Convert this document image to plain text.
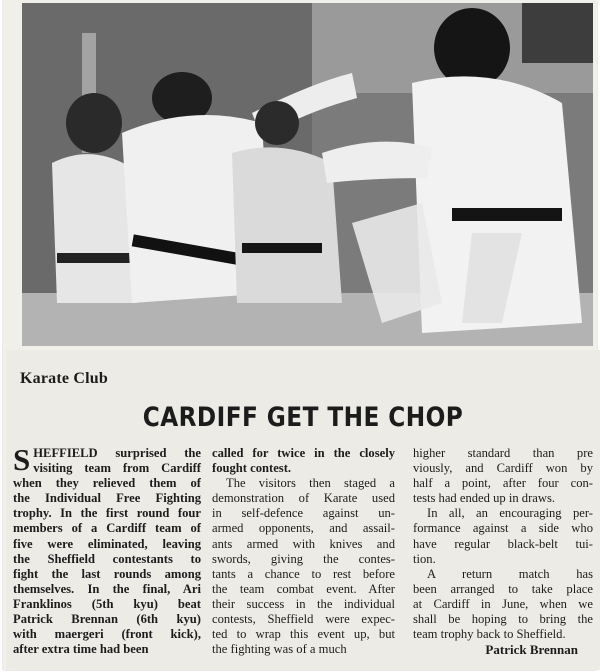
Karate Club
CARDIFF GET THE CHOP
S HEFFIELD surprised the
visiting team from Cardiff
when they relieved them of
the Individual Free Fighting
trophy. In the first round four
members of a Cardiff team of
five were eliminated, leaving
the Sheffield contestants to
fight the last rounds among
themselves. In the final, Ari
Franklinos (5th kyu) beat
Patrick Brennan (6th kyu)
with maergeri (front kick),
after extra time had been
called for twice in the closely
fought contest.
The visitors then staged a
demonstration of Karate used
in self-defence against un-
armed opponents, and assail-
ants armed with knives and
swords, giving the contes-
tants a chance to rest before
the team combat event. After
their success in the individual
contests, Sheffield were expec-
ted to wrap this event up, but
the fighting was of a much
higher standard than pre
viously, and Cardiff won by
half a point, after four con-
tests had ended up in draws.
In all, an encouraging per-
formance against a side who
have regular black-belt tui-
tion.
A return match has
been arranged to take place
at Cardiff in June, when we
shall be hoping to bring the
team trophy back to Sheffield.
Patrick Brennan
